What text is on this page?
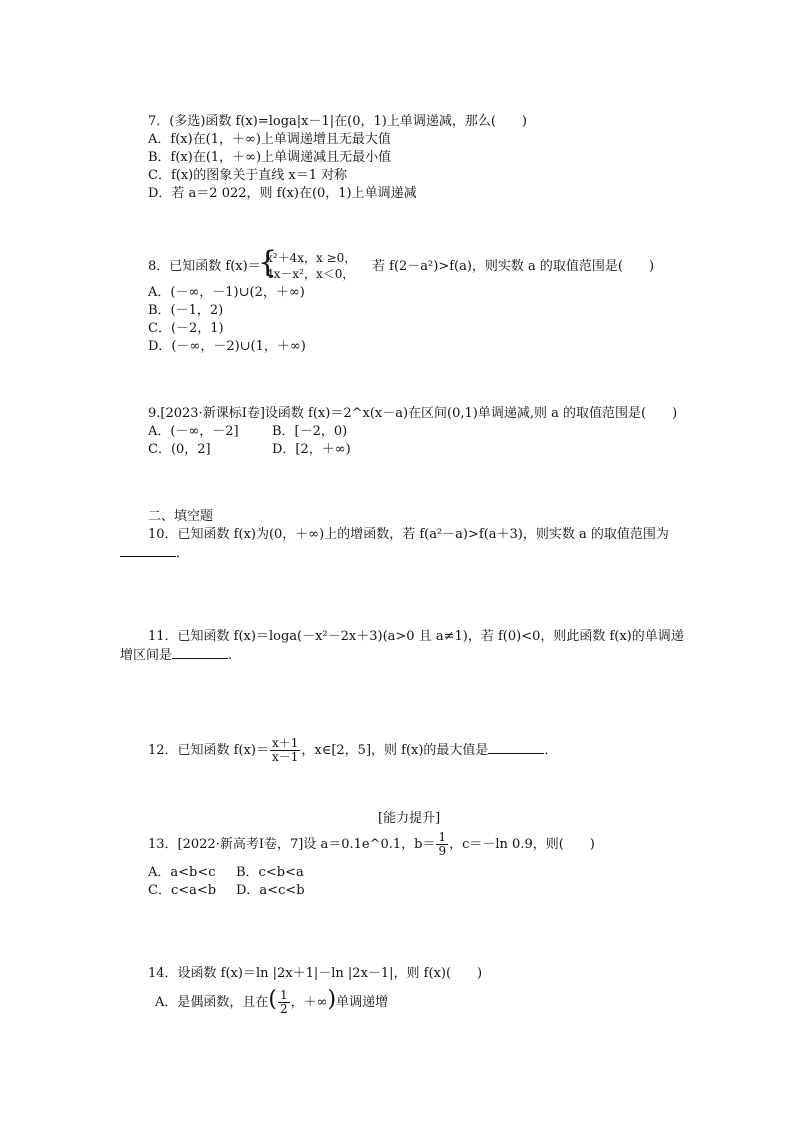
7．(多选)函数 f(x)=loga|x－1|在(0，1)上单调递减，那么(　　)
A．f(x)在(1，＋∞)上单调递增且无最大值
B．f(x)在(1，＋∞)上单调递减且无最小值
C．f(x)的图象关于直线 x＝1 对称
D．若 a＝2 022，则 f(x)在(0，1)上单调递减
8．已知函数 f(x)＝
{
x²＋4x，x ≥0，
4x－x²，x＜0， 若 f(2－a²)>f(a)，则实数 a 的取值范围是(　　)
A．(－∞，－1)∪(2，＋∞)
B．(－1，2)
C．(－2，1)
D．(－∞，－2)∪(1，＋∞)
9.[2023·新课标Ⅰ卷]设函数 f(x)＝2^x(x－a)在区间(0,1)单调递减,则 a 的取值范围是(　　)
A．(－∞，－2]	B．[－2，0)
C．(0，2]	D．[2，＋∞)
二、填空题
10．已知函数 f(x)为(0，＋∞)上的增函数，若 f(a²－a)>f(a＋3)，则实数 a 的取值范围为
．
11．已知函数 f(x)＝loga(－x²－2x＋3)(a>0 且 a≠1)，若 f(0)<0，则此函数 f(x)的单调递
增区间是	.
12．已知函数 $f(x)= \frac{x+1}{x-1}$ ，x∈[2，5]，则 f(x)的最大值是	．
[能力提升]
13．[2022·新高考Ⅰ卷，7]设 a＝0.1e^0.1，$b= \frac{1}{9}$ ，c＝－ln 0.9，则(　　)
A．a<b<c B．c<b<a
C．c<a<b D．a<c<b
14．设函数 f(x)＝ln |2x＋1|－ln |2x－1|，则 f(x)(　　)
A．是偶函数，且在( $\frac{1}{2}$ ，＋∞)单调递增
